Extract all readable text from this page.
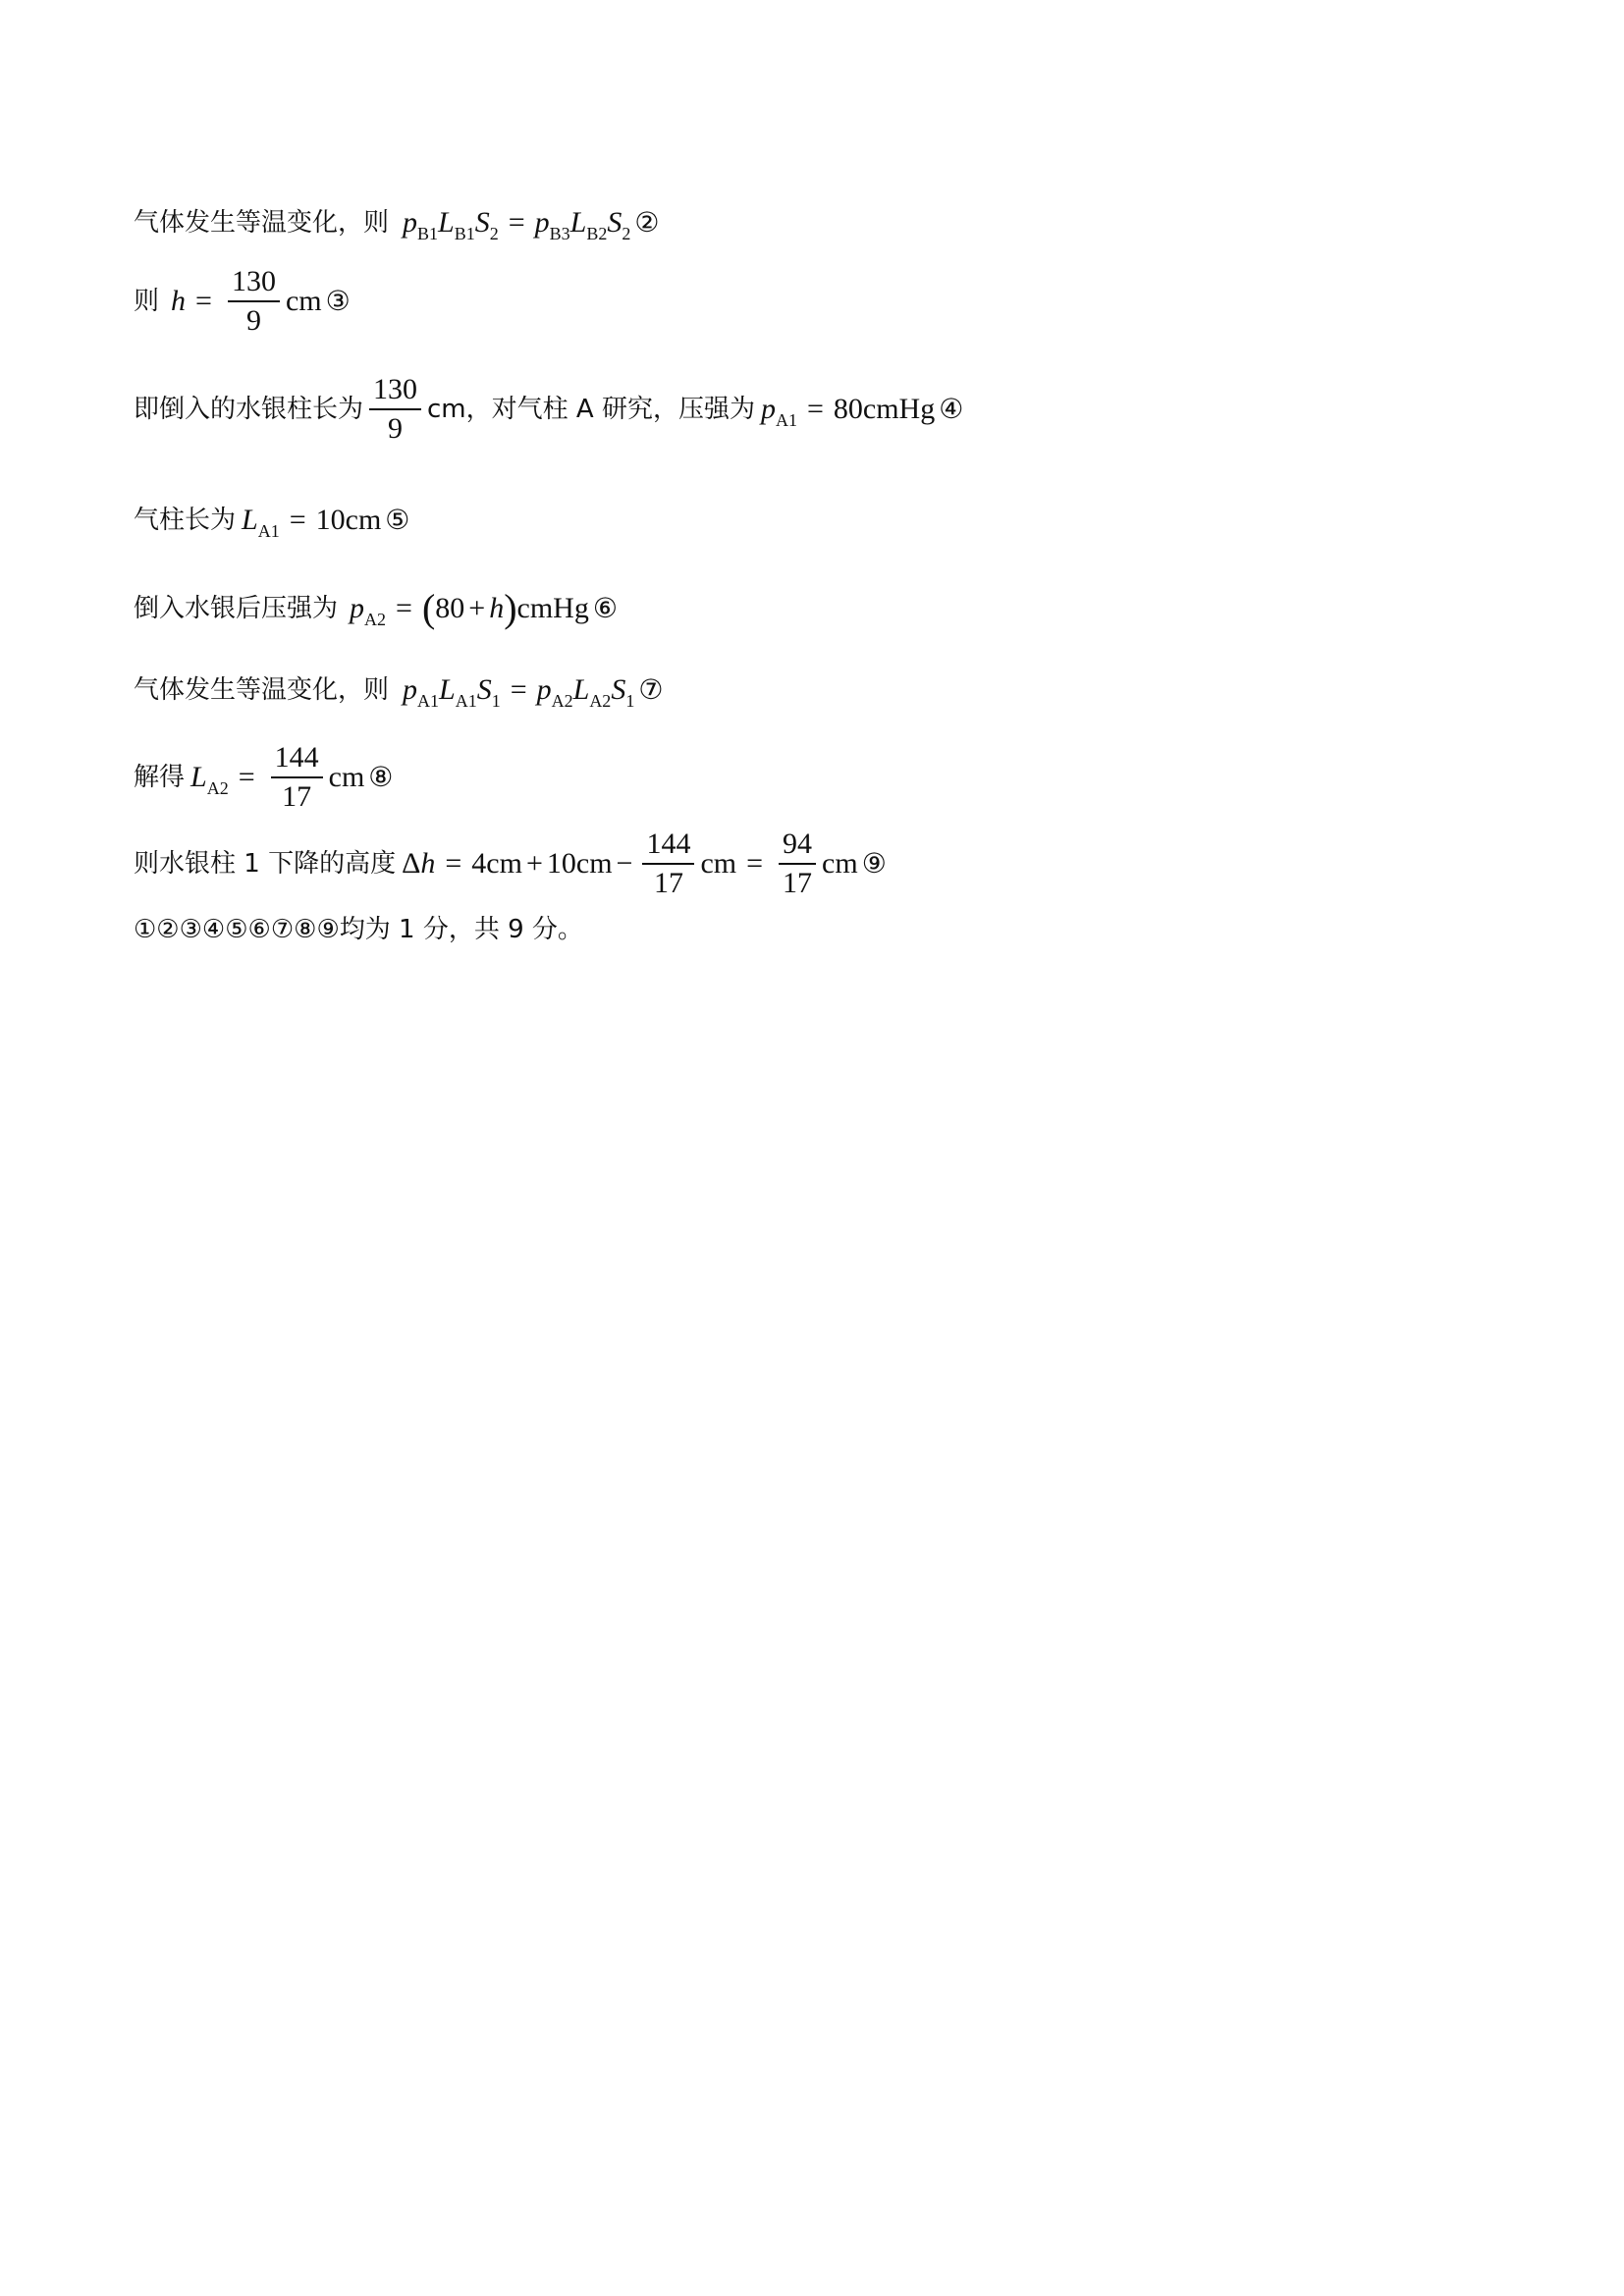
气体发生等温变化，则 $p_{B1}$ $L_{B1}$ $S_2 = p_{B3}$ $L_{B2}$ $S_2$ ②
则 $h = \frac{130}{9}$ cm ③
即倒入的水银柱长为 $\frac{130}{9}$ cm，对气柱 A 研究，压强为 $p_{A1}$ = 80cmHg ④
气柱长为 $L_{A1} = 10cm$ ⑤
倒入水银后压强为 $p_{A2}$ = ( 80 + h ) cmHg ⑥
气体发生等温变化，则 $p_{A1}$ $L_{A1}$ $S_1 = p_{A2}$ $L_{A2}$ $S_1$ ⑦
解得 $L_{A2} = \frac{144}{17}$ cm ⑧
则水银柱 1 下降的高度 Δ $h = 4cm + 10cm - \frac{144}{17}$ cm = $\frac{94}{17}$ cm ⑨
①②③④⑤⑥⑦⑧⑨均为 1 分，共 9 分。
